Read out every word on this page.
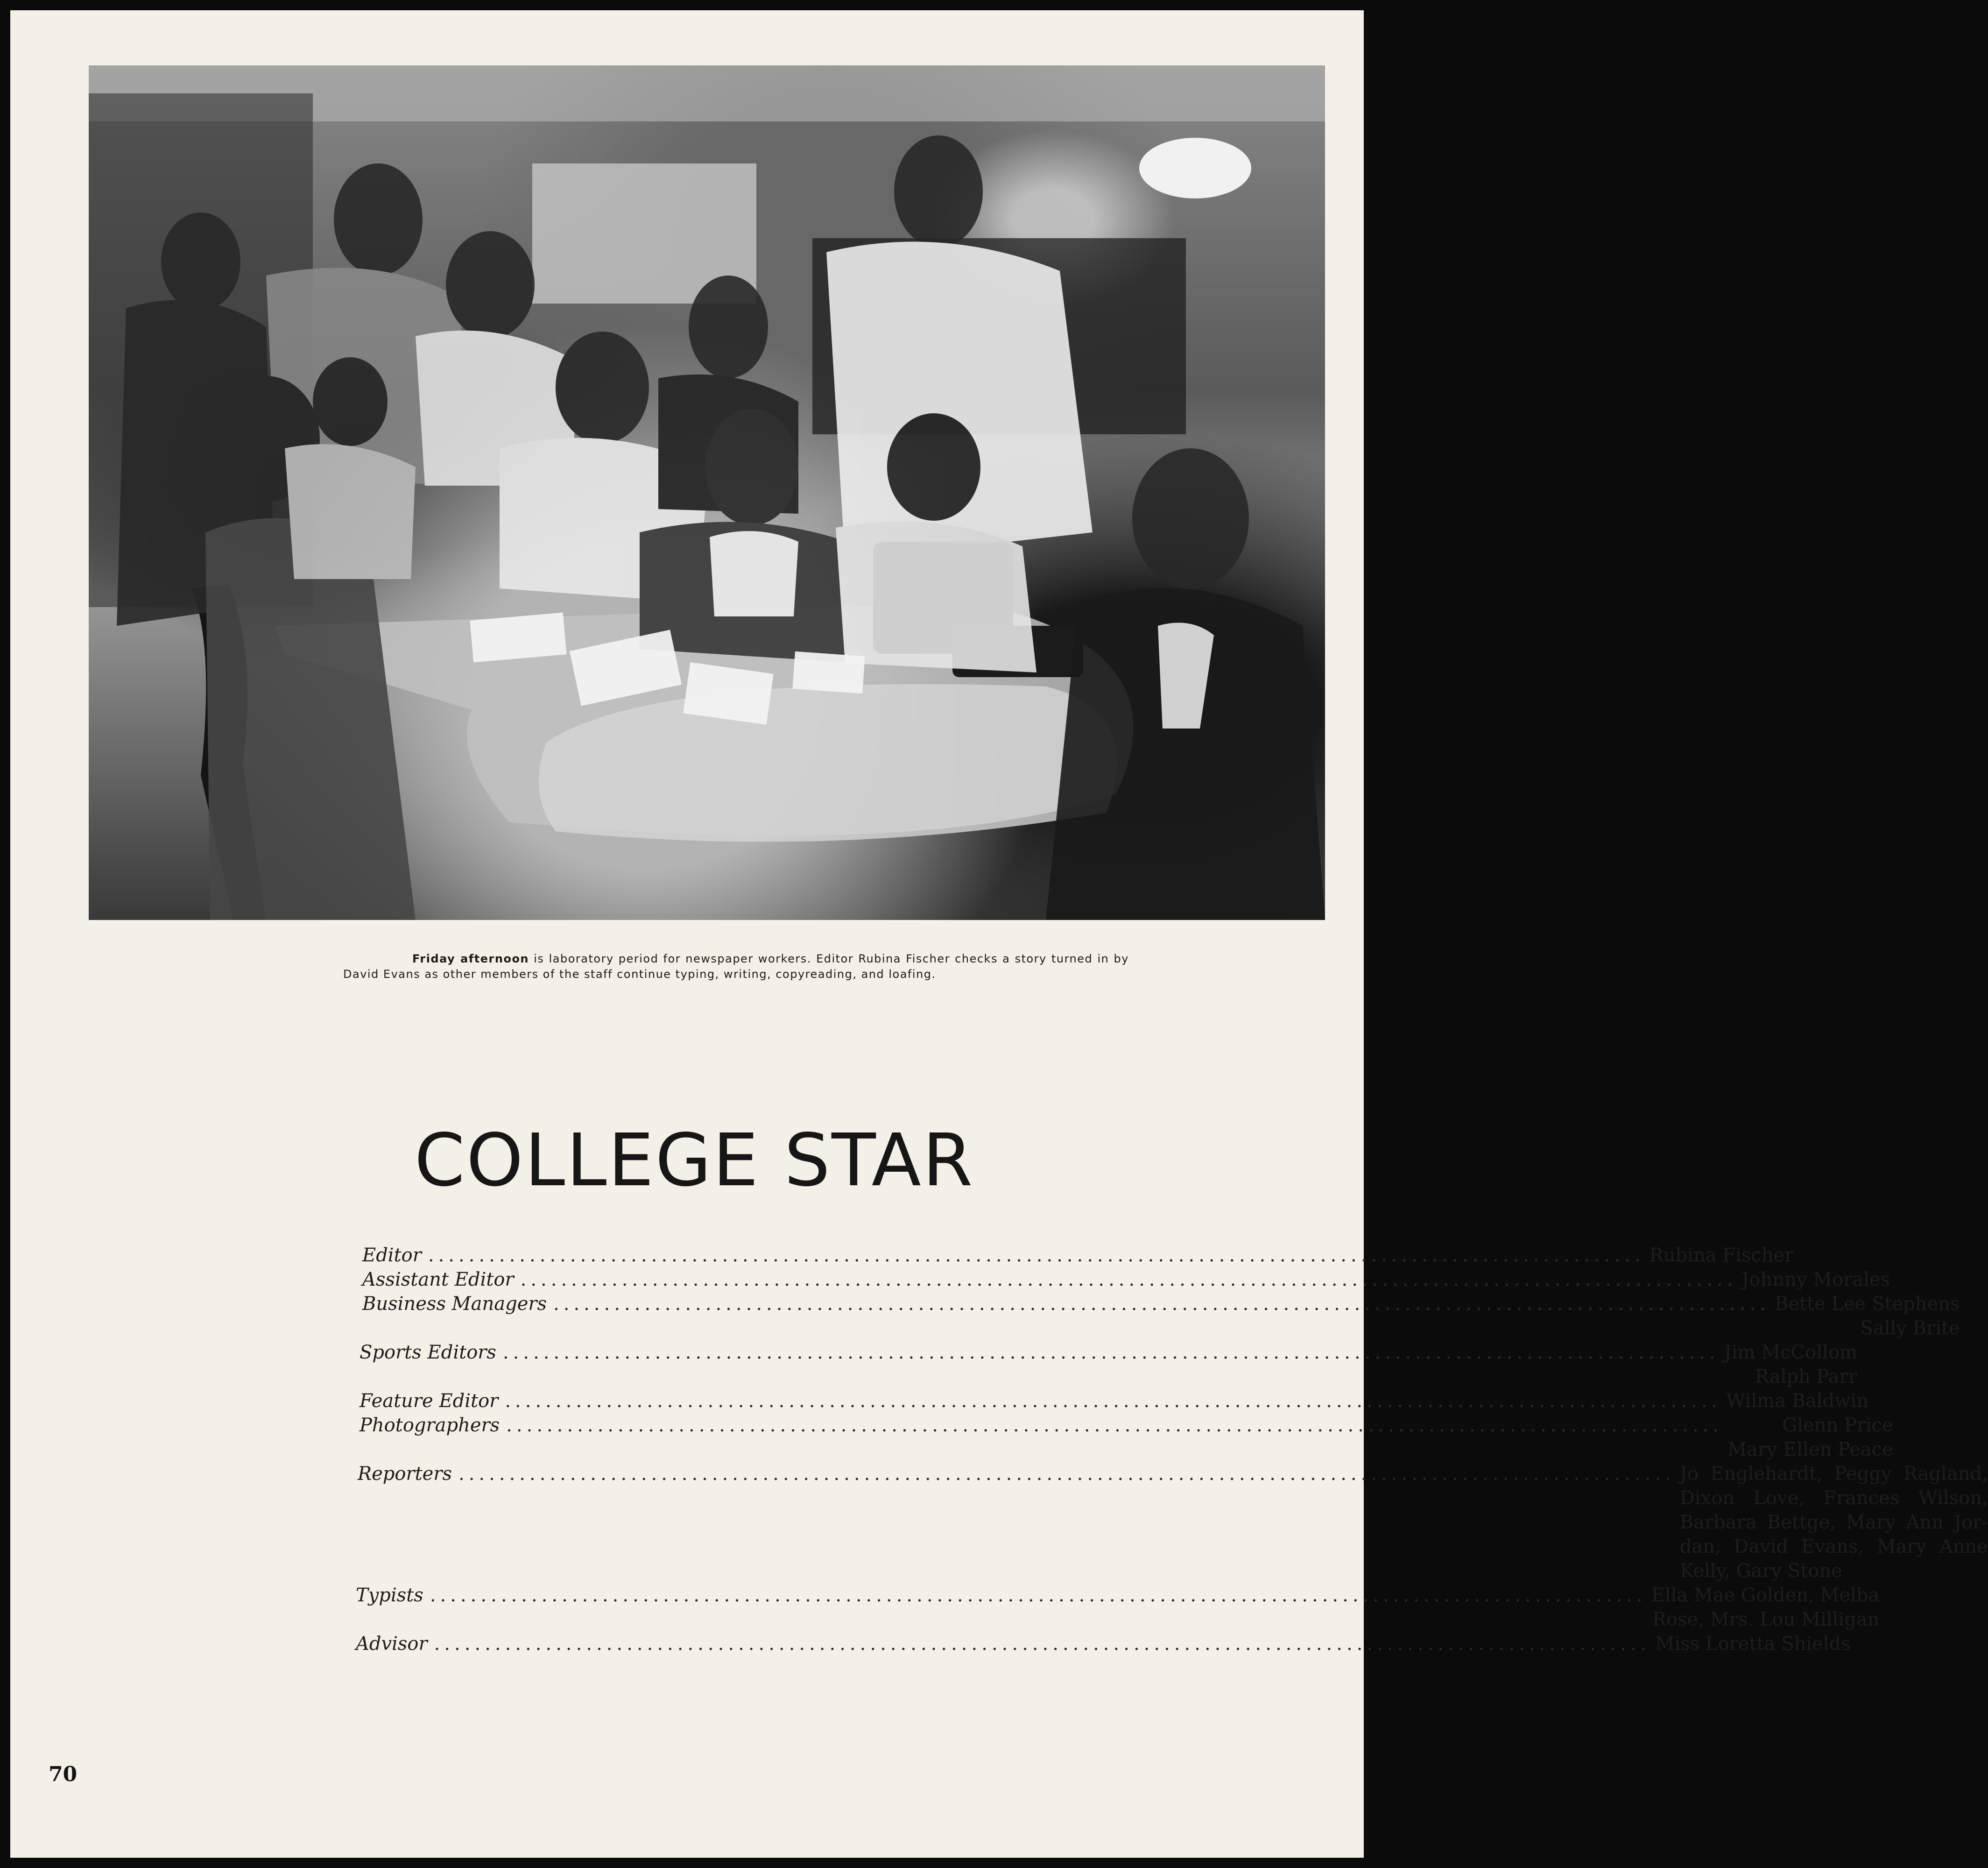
Friday afternoon is laboratory period for newspaper workers. Editor Rubina Fischer checks a story turned in by David Evans as other members of the staff continue typing, writing, copyreading, and loafing.
COLLEGE STAR
Editor ........................................................................................................................ Rubina Fischer
Assistant Editor ........................................................................................................................ Johnny Morales
Business Managers ........................................................................................................................ Bette Lee Stephens
Sally Brite
Sports Editors ........................................................................................................................ Jim McCollom
Ralph Parr
Feature Editor ........................................................................................................................ Wilma Baldwin
Photographers ........................................................................................................................	Glenn Price
Mary Ellen Peace
Reporters ........................................................................................................................ Jo Englehardt, Peggy Ragland,
Dixon Love, Frances Wilson,
Barbara Bettge, Mary Ann Jor-
dan, David Evans, Mary Anne
Kelly, Gary Stone
Typists ........................................................................................................................ Ella Mae Golden, Melba
Rose, Mrs. Lou Milligan
Advisor ........................................................................................................................ Miss Loretta Shields
70
